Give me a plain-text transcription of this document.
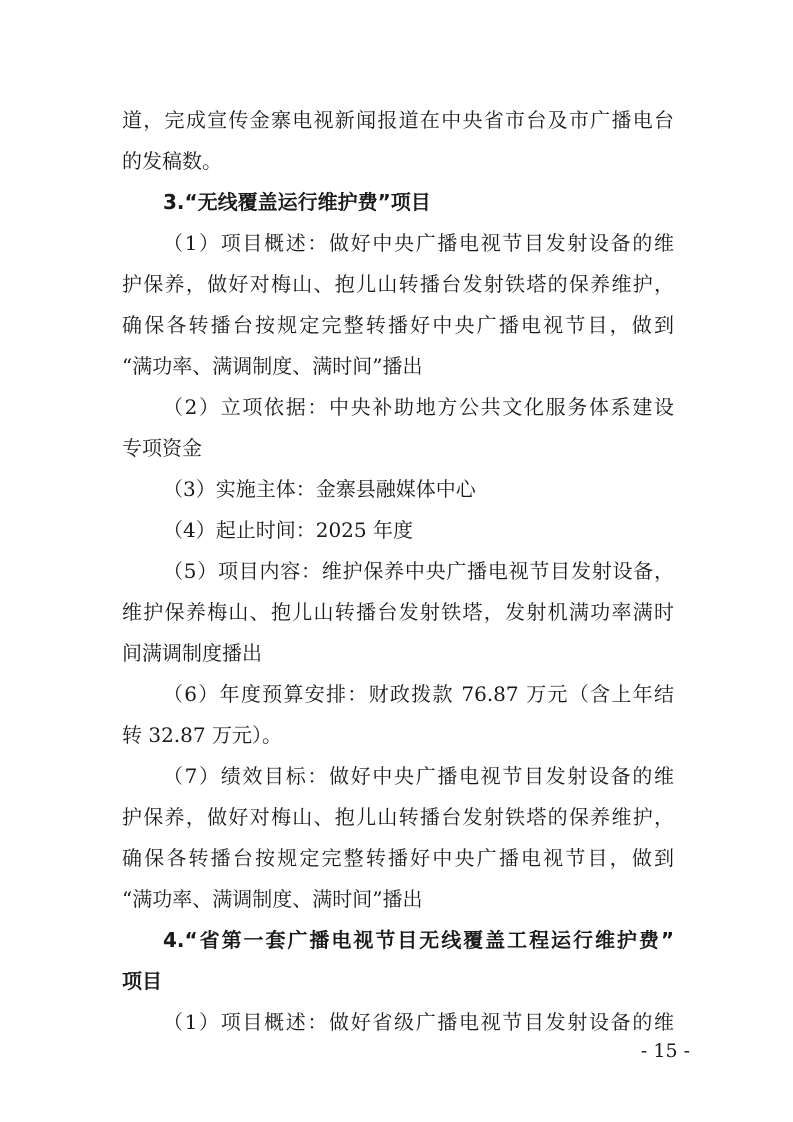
道，完成宣传金寨电视新闻报道在中央省市台及市广播电台
的发稿数。
3.“无线覆盖运行维护费”项目
（1）项目概述：做好中央广播电视节目发射设备的维
护保养，做好对梅山、抱儿山转播台发射铁塔的保养维护，
确保各转播台按规定完整转播好中央广播电视节目，做到
“满功率、满调制度、满时间”播出
（2）立项依据：中央补助地方公共文化服务体系建设
专项资金
（3）实施主体：金寨县融媒体中心
（4）起止时间：2025 年度
（5）项目内容：维护保养中央广播电视节目发射设备，
维护保养梅山、抱儿山转播台发射铁塔，发射机满功率满时
间满调制度播出
（6）年度预算安排：财政拨款 76.87 万元（含上年结
转 32.87 万元）。
（7）绩效目标：做好中央广播电视节目发射设备的维
护保养，做好对梅山、抱儿山转播台发射铁塔的保养维护，
确保各转播台按规定完整转播好中央广播电视节目，做到
“满功率、满调制度、满时间”播出
4.“省第一套广播电视节目无线覆盖工程运行维护费”
项目
（1）项目概述：做好省级广播电视节目发射设备的维
- 15 -
